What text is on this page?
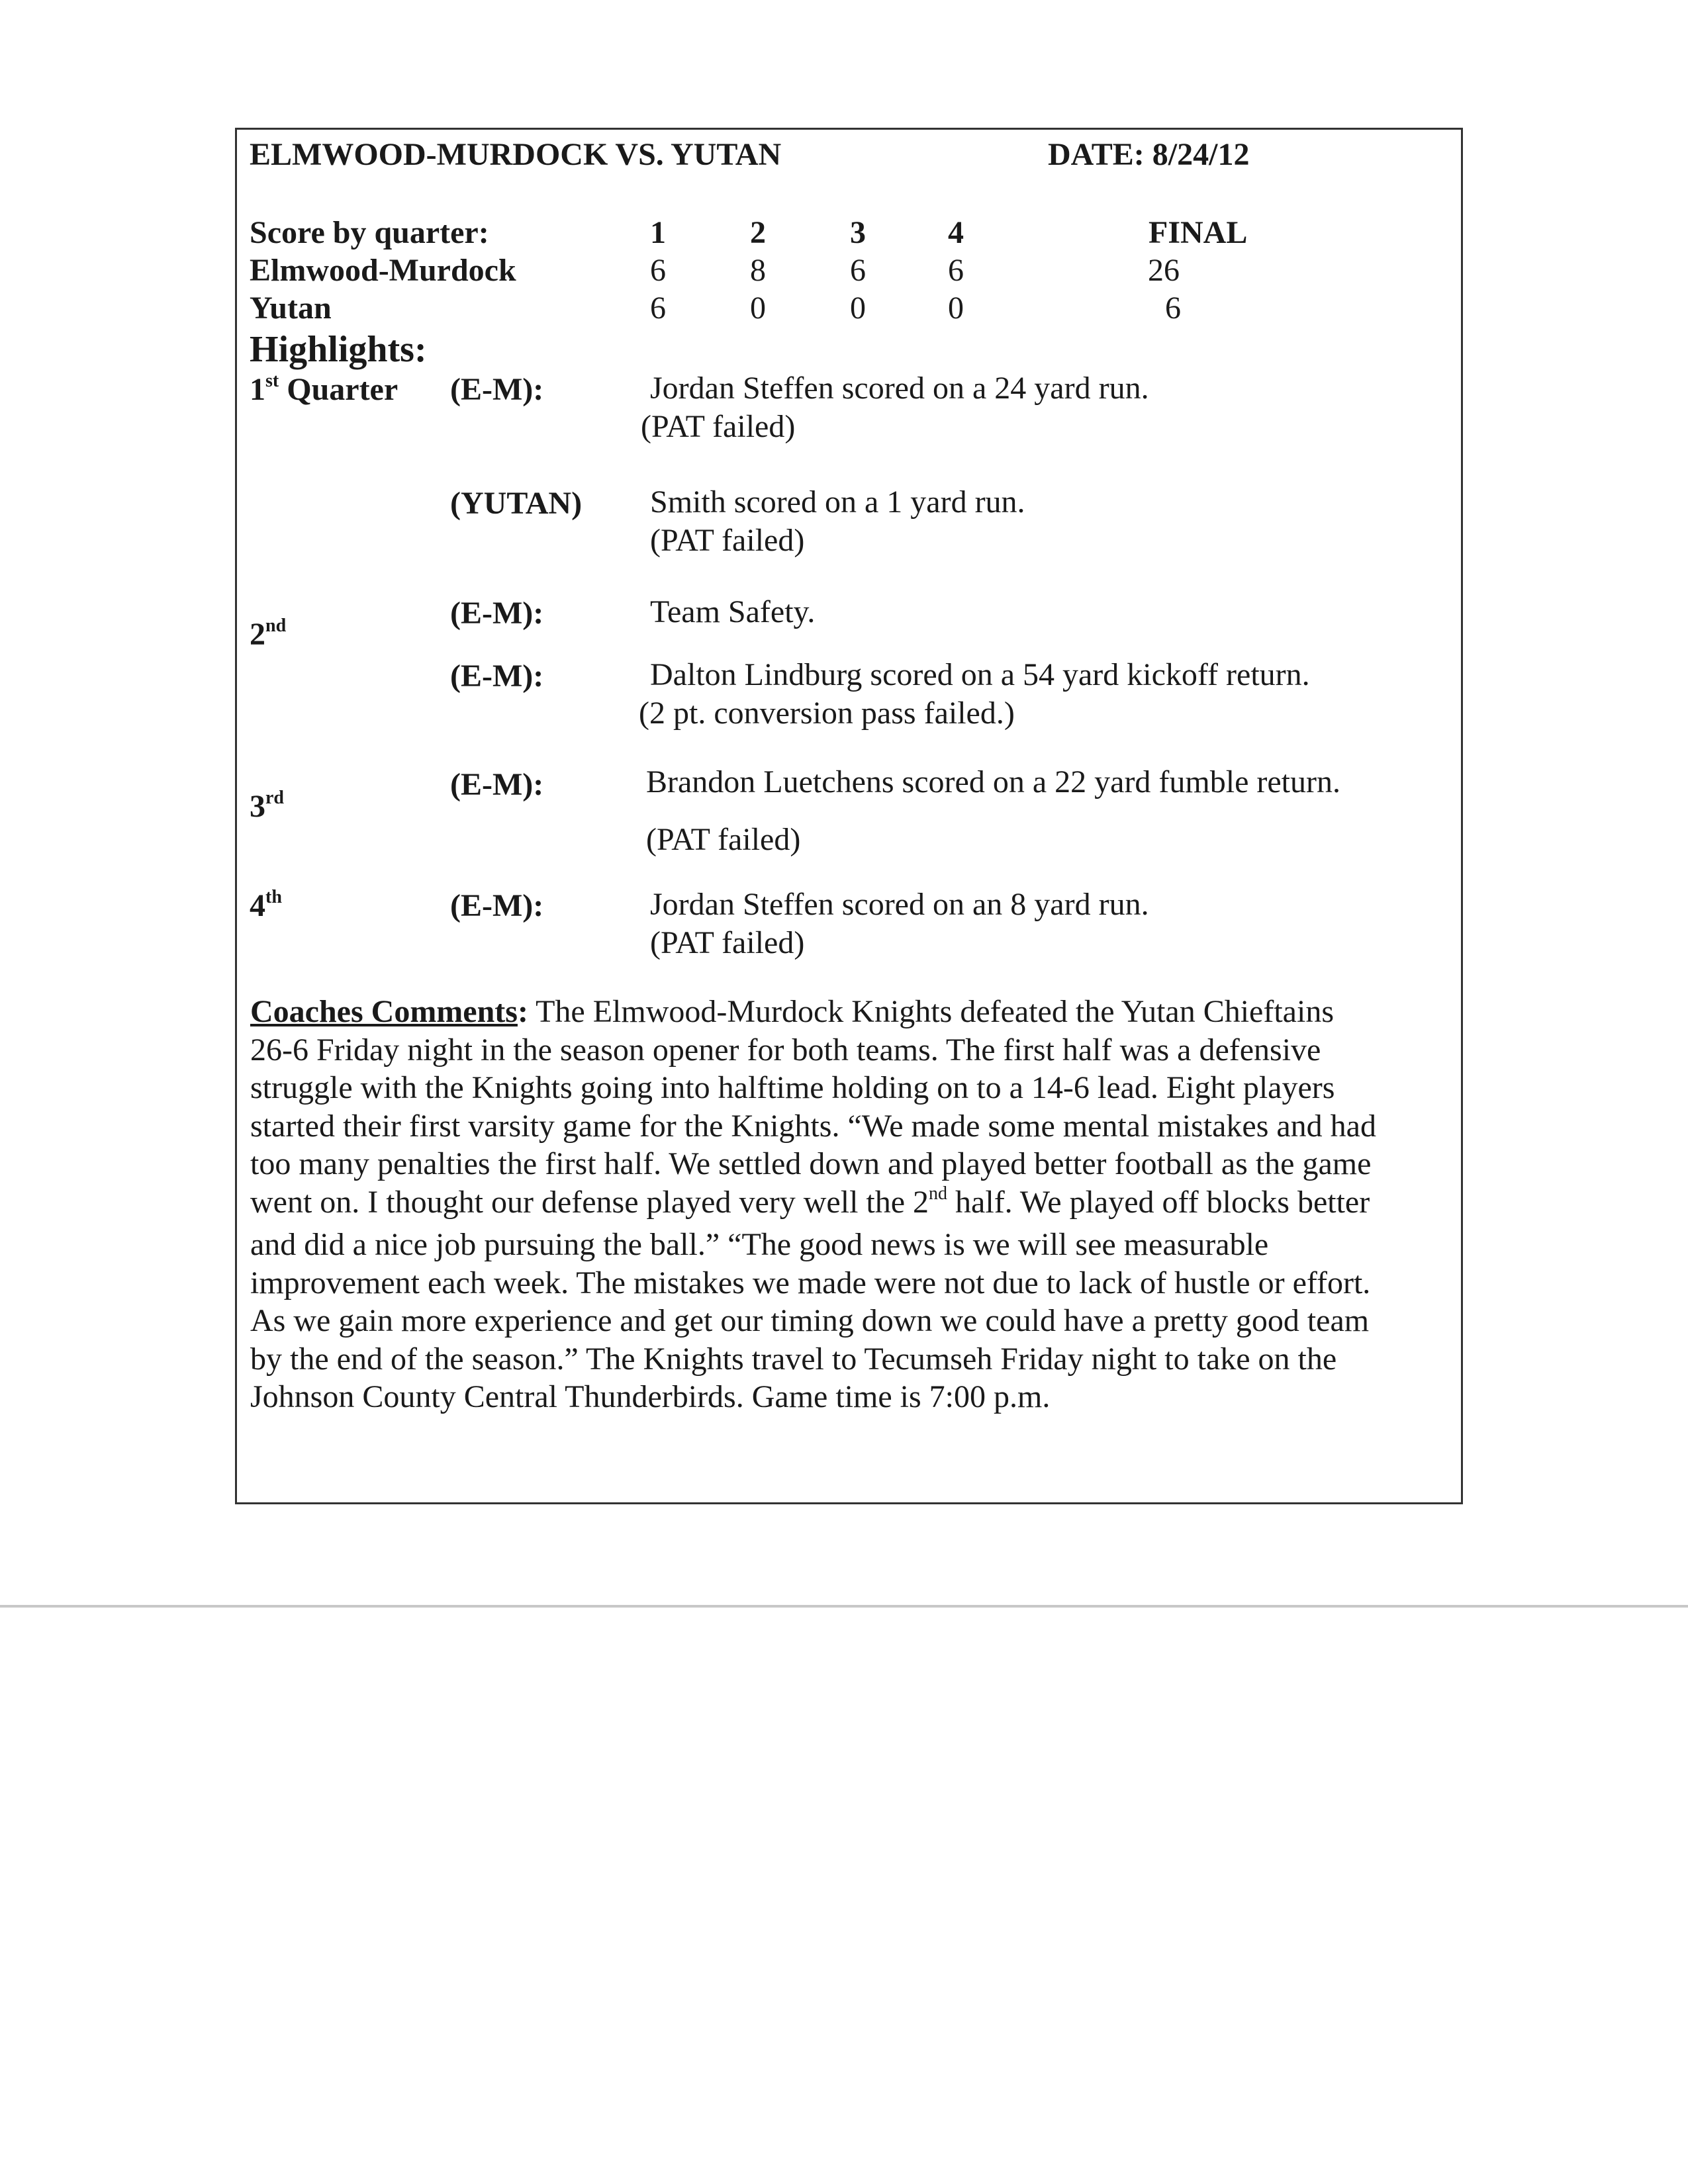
ELMWOOD-MURDOCK VS. YUTAN	DATE: 8/24/12
Score by quarter:	1	2	3	4	FINAL
Elmwood-Murdock	6	8	6	6	26
Yutan	6	0	0	0	6
Highlights:
1st Quarter (E-M):	Jordan Steffen scored on a 24 yard run.
(PAT failed)
(YUTAN) Smith scored on a 1 yard run.
(PAT failed)
2nd	(E-M):	Team Safety.
(E-M):	Dalton Lindburg scored on a 54 yard kickoff return.
(2 pt. conversion pass failed.)
3rd	(E-M):	Brandon Luetchens scored on a 22 yard fumble return.
(PAT failed)
4th	(E-M):	Jordan Steffen scored on an 8 yard run.
(PAT failed)
Coaches Comments: The Elmwood-Murdock Knights defeated the Yutan Chieftains
26-6 Friday night in the season opener for both teams. The first half was a defensive
struggle with the Knights going into halftime holding on to a 14-6 lead. Eight players
started their first varsity game for the Knights. “We made some mental mistakes and had
too many penalties the first half. We settled down and played better football as the game
went on. I thought our defense played very well the 2nd half. We played off blocks better
and did a nice job pursuing the ball.” “The good news is we will see measurable
improvement each week. The mistakes we made were not due to lack of hustle or effort.
As we gain more experience and get our timing down we could have a pretty good team
by the end of the season.” The Knights travel to Tecumseh Friday night to take on the
Johnson County Central Thunderbirds. Game time is 7:00 p.m.
